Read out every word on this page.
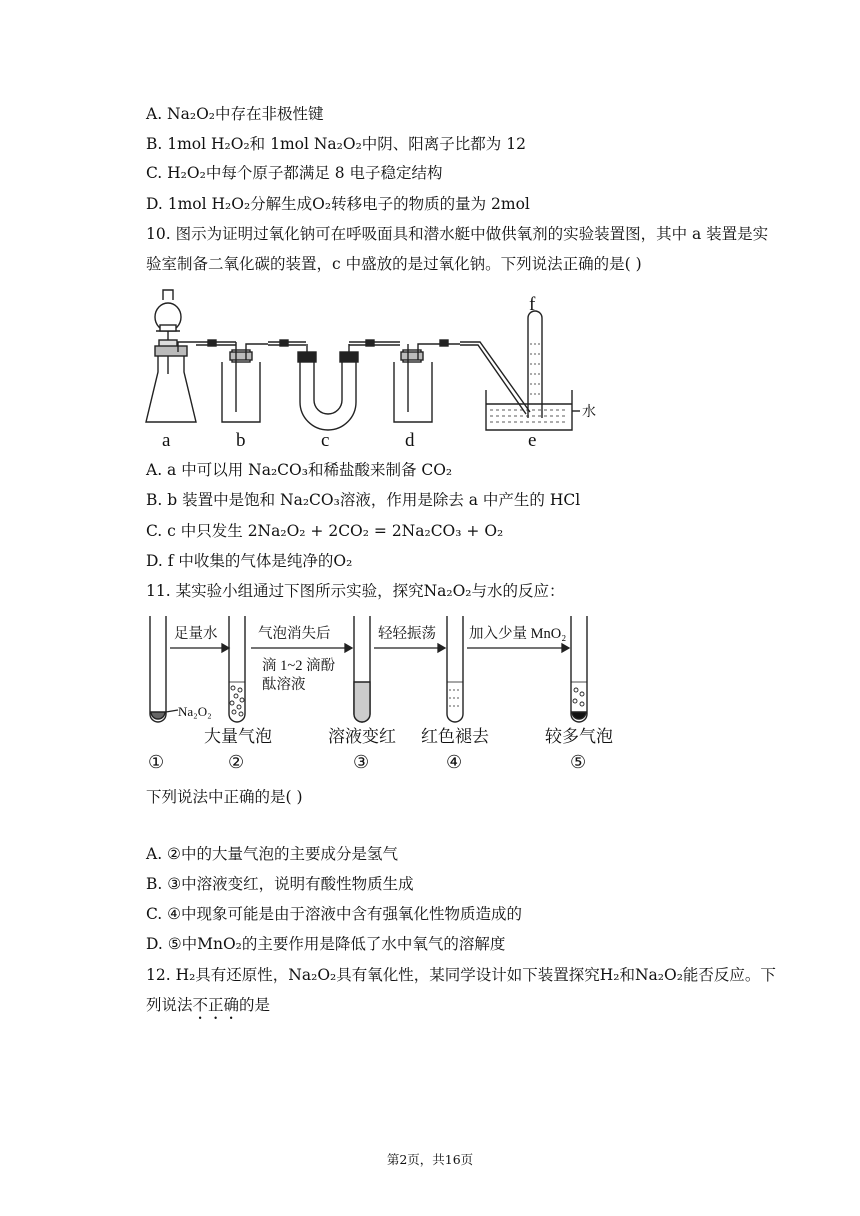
A. Na₂O₂中存在非极性键
B. 1mol H₂O₂和 1mol Na₂O₂中阴、阳离子比都为 12
C. H₂O₂中每个原子都满足 8 电子稳定结构
D. 1mol H₂O₂分解生成O₂转移电子的物质的量为 2mol
10. 图示为证明过氧化钠可在呼吸面具和潜水艇中做供氧剂的实验装置图，其中 a 装置是实
验室制备二氧化碳的装置，c 中盛放的是过氧化钠。下列说法正确的是( )
a	b	c	d	e
f
水
A. a 中可以用 Na₂CO₃和稀盐酸来制备 CO₂
B. b 装置中是饱和 Na₂CO₃溶液，作用是除去 a 中产生的 HCl
C. c 中只发生 2Na₂O₂ + 2CO₂ = 2Na₂CO₃ + O₂
D. f 中收集的气体是纯净的O₂
11. 某实验小组通过下图所示实验，探究Na₂O₂与水的反应：
足量水	气泡消失后
滴 1~2 滴酚
酞溶液
轻轻振荡 加入少量 MnO₂
Na₂O₂
大量气泡	溶液变红 红色褪去	较多气泡
①	②	③	④	⑤
下列说法中正确的是( )
A. ②中的大量气泡的主要成分是氢气
B. ③中溶液变红，说明有酸性物质生成
C. ④中现象可能是由于溶液中含有强氧化性物质造成的
D. ⑤中MnO₂的主要作用是降低了水中氧气的溶解度
12. H₂具有还原性，Na₂O₂具有氧化性，某同学设计如下装置探究H₂和Na₂O₂能否反应。下
列说法不正确的是
第2页，共16页
